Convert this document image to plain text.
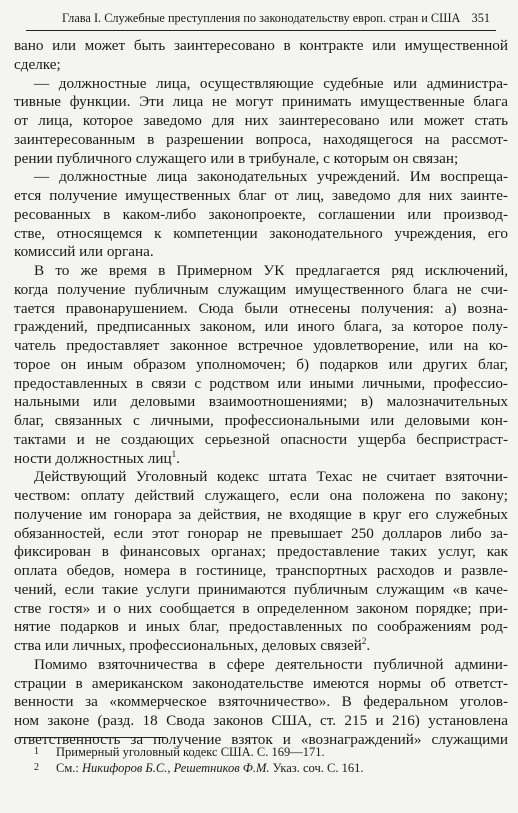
Глава I. Служебные преступления по законодательству европ. стран и США 351
вано или может быть заинтересовано в контракте или имущественной
сделке;
— должностные лица, осуществляющие судебные или администра-
тивные функции. Эти лица не могут принимать имущественные блага
от лица, которое заведомо для них заинтересовано или может стать
заинтересованным в разрешении вопроса, находящегося на рассмот-
рении публичного служащего или в трибунале, с которым он связан;
— должностные лица законодательных учреждений. Им воспреща-
ется получение имущественных благ от лиц, заведомо для них заинте-
ресованных в каком-либо законопроекте, соглашении или производ-
стве, относящемся к компетенции законодательного учреждения, его
комиссий или органа.
В то же время в Примерном УК предлагается ряд исключений,
когда получение публичным служащим имущественного блага не счи-
тается правонарушением. Сюда были отнесены получения: а) возна-
граждений, предписанных законом, или иного блага, за которое полу-
чатель предоставляет законное встречное удовлетворение, или на ко-
торое он иным образом уполномочен; б) подарков или других благ,
предоставленных в связи с родством или иными личными, профессио-
нальными или деловыми взаимоотношениями; в) малозначительных
благ, связанных с личными, профессиональными или деловыми кон-
тактами и не создающих серьезной опасности ущерба беспристраст-
ности должностных лиц$^1$.
Действующий Уголовный кодекс штата Техас не считает взяточни-
чеством: оплату действий служащего, если она положена по закону;
получение им гонорара за действия, не входящие в круг его служебных
обязанностей, если этот гонорар не превышает 250 долларов либо за-
фиксирован в финансовых органах; предоставление таких услуг, как
оплата обедов, номера в гостинице, транспортных расходов и развле-
чений, если такие услуги принимаются публичным служащим «в каче-
стве гостя» и о них сообщается в определенном законом порядке; при-
нятие подарков и иных благ, предоставленных по соображениям род-
ства или личных, профессиональных, деловых связей$^2$.
Помимо взяточничества в сфере деятельности публичной админи-
страции в американском законодательстве имеются нормы об ответст-
венности за «коммерческое взяточничество». В федеральном уголов-
ном законе (разд. 18 Свода законов США, ст. 215 и 216) установлена
ответственность за получение взяток и «вознаграждений» служащими
1 Примерный уголовный кодекс США. С. 169—171.
2 См.: Никифоров Б.С., Решетников Ф.М. Указ. соч. С. 161.
